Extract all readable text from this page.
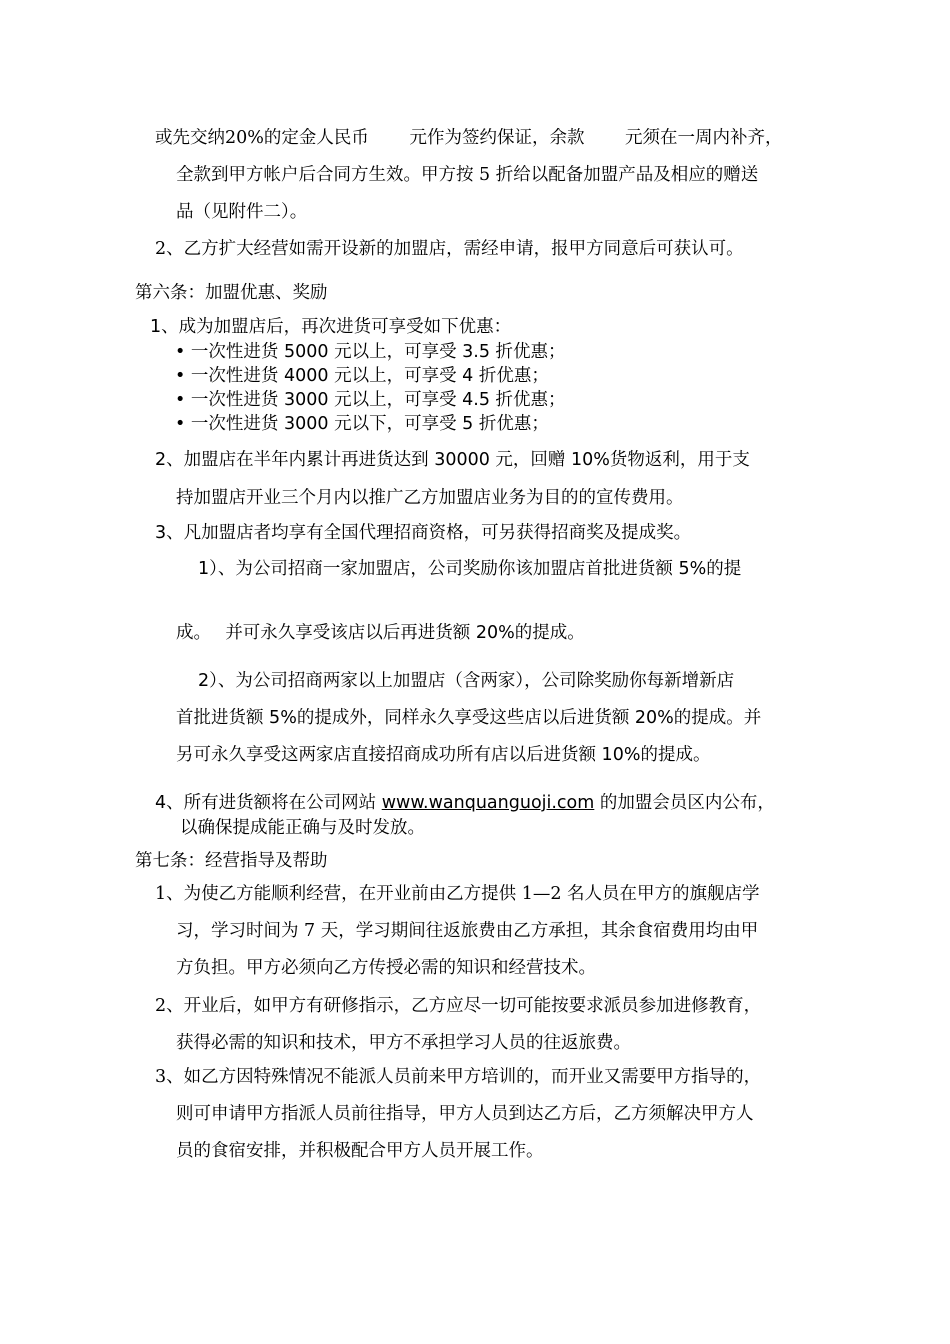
或先交纳20%的定金人民币　　 元作为签约保证，余款　　 元须在一周内补齐，

全款到甲方帐户后合同方生效。甲方按 5 折给以配备加盟产品及相应的赠送

品（见附件二）。

2、乙方扩大经营如需开设新的加盟店，需经申请，报甲方同意后可获认可。

第六条：加盟优惠、奖励

1、成为加盟店后，再次进货可享受如下优惠：

• 一次性进货 5000 元以上，可享受 3.5 折优惠；

• 一次性进货 4000 元以上，可享受 4 折优惠；

• 一次性进货 3000 元以上，可享受 4.5 折优惠；

• 一次性进货 3000 元以下，可享受 5 折优惠；

2、加盟店在半年内累计再进货达到 30000 元，回赠 10%货物返利，用于支

持加盟店开业三个月内以推广乙方加盟店业务为目的的宣传费用。

3、凡加盟店者均享有全国代理招商资格，可另获得招商奖及提成奖。

1）、为公司招商一家加盟店，公司奖励你该加盟店首批进货额 5%的提

成。　 并可永久享受该店以后再进货额 20%的提成。

2）、为公司招商两家以上加盟店（含两家），公司除奖励你每新增新店

首批进货额 5%的提成外，同样永久享受这些店以后进货额 20%的提成。并

另可永久享受这两家店直接招商成功所有店以后进货额 10%的提成。

4、所有进货额将在公司网站 www.wanquanguoji.com 的加盟会员区内公布，

以确保提成能正确与及时发放。

第七条：经营指导及帮助

1、为使乙方能顺利经营，在开业前由乙方提供 1—2 名人员在甲方的旗舰店学

习，学习时间为 7 天，学习期间往返旅费由乙方承担，其余食宿费用均由甲

方负担。甲方必须向乙方传授必需的知识和经营技术。

2、开业后，如甲方有研修指示，乙方应尽一切可能按要求派员参加进修教育，

获得必需的知识和技术，甲方不承担学习人员的往返旅费。

3、如乙方因特殊情况不能派人员前来甲方培训的，而开业又需要甲方指导的，

则可申请甲方指派人员前往指导，甲方人员到达乙方后，乙方须解决甲方人

员的食宿安排，并积极配合甲方人员开展工作。
